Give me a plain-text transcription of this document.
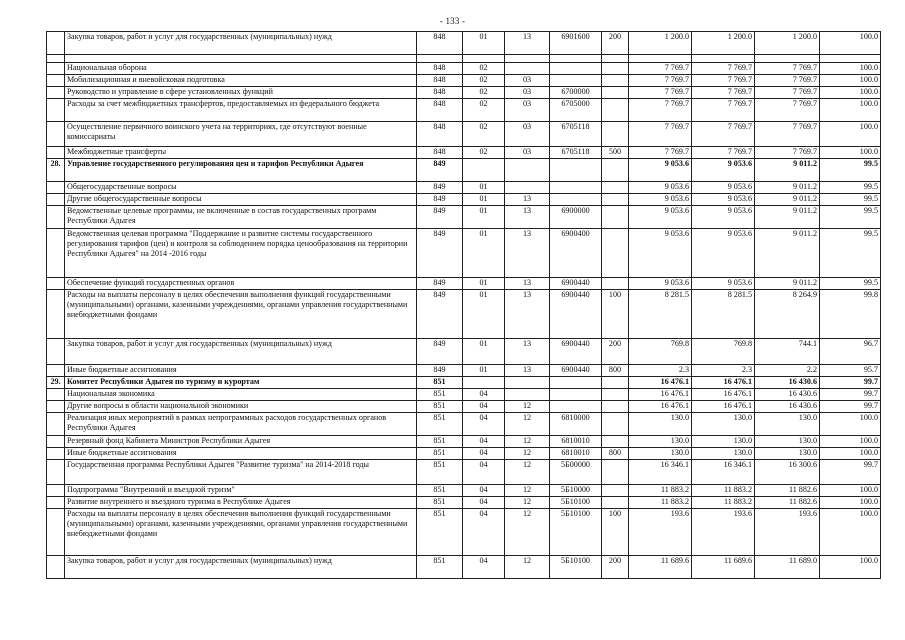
- 133 -
	Закупка товаров, работ и услуг для государственных (муниципальных) нужд	848	01	13	6901600	200	1 200.0	1 200.0	1 200.0	100.0

	Национальная оборона	848	02				7 769.7	7 769.7	7 769.7	100.0
	Мобилизационная и вневойсковая подготовка	848	02	03			7 769.7	7 769.7	7 769.7	100.0
	Руководство и управление в сфере установленных функций	848	02	03	6700000		7 769.7	7 769.7	7 769.7	100.0
	Расходы за счет межбюджетных трансфертов, предоставляемых из федерального бюджета	848	02	03	6705000		7 769.7	7 769.7	7 769.7	100.0
	Осуществление первичного воинского учета на территориях, где отсутствуют военные комиссариаты	848	02	03	6705118		7 769.7	7 769.7	7 769.7	100.0
	Межбюджетные трансферты	848	02	03	6705118	500	7 769.7	7 769.7	7 769.7	100.0
28.	Управление государственного регулирования цен и тарифов Республики Адыгея	849					9 053.6	9 053.6	9 011.2	99.5
	Общегосударственные вопросы	849	01				9 053.6	9 053.6	9 011.2	99.5
	Другие общегосударственные вопросы	849	01	13			9 053.6	9 053.6	9 011.2	99.5
	Ведомственные целевые программы, не включенные в состав государственных программ Республики Адыгея	849	01	13	6900000		9 053.6	9 053.6	9 011.2	99.5
	Ведомственная целевая программа "Поддержание и развитие системы государственного регулирования тарифов (цен) и контроля за соблюдением порядка ценообразования на территории Республики Адыгея" на 2014 -2016 годы	849	01	13	6900400		9 053.6	9 053.6	9 011.2	99.5
	Обеспечение функций государственных органов	849	01	13	6900440		9 053.6	9 053.6	9 011.2	99.5
	Расходы на выплаты персоналу в целях обеспечения выполнения функций государственными (муниципальными) органами, казенными учреждениями, органами управления государственными внебюджетными фондами	849	01	13	6900440	100	8 281.5	8 281.5	8 264.9	99.8
	Закупка товаров, работ и услуг для государственных (муниципальных) нужд	849	01	13	6900440	200	769.8	769.8	744.1	96.7
	Иные бюджетные ассигнования	849	01	13	6900440	800	2.3	2.3	2.2	95.7
29.	Комитет Республики Адыгея по туризму и курортам	851					16 476.1	16 476.1	16 430.6	99.7
	Национальная экономика	851	04				16 476.1	16 476.1	16 430.6	99.7
	Другие вопросы в области национальной экономики	851	04	12			16 476.1	16 476.1	16 430.6	99.7
	Реализация иных мероприятий в рамках непрограммных расходов государственных органов Республики Адыгея	851	04	12	6810000		130.0	130.0	130.0	100.0
	Резервный фонд Кабинета Министров Республики Адыгея	851	04	12	6810010		130.0	130.0	130.0	100.0
	Иные бюджетные ассигнования	851	04	12	6810010	800	130.0	130.0	130.0	100.0
	Государственная программа Республики Адыгея "Развитие туризма" на 2014-2018 годы	851	04	12	5Б00000		16 346.1	16 346.1	16 300.6	99.7
	Подпрограмма "Внутренний и въездной туризм"	851	04	12	5Б10000		11 883.2	11 883.2	11 882.6	100.0
	Развитие внутреннего и въездного туризма в Республике Адыгея	851	04	12	5Б10100		11 883.2	11 883.2	11 882.6	100.0
	Расходы на выплаты персоналу в целях обеспечения выполнения функций государственными (муниципальными) органами, казенными учреждениями, органами управления государственными внебюджетными фондами	851	04	12	5Б10100	100	193.6	193.6	193.6	100.0
	Закупка товаров, работ и услуг для государственных (муниципальных) нужд	851	04	12	5Б10100	200	11 689.6	11 689.6	11 689.0	100.0
